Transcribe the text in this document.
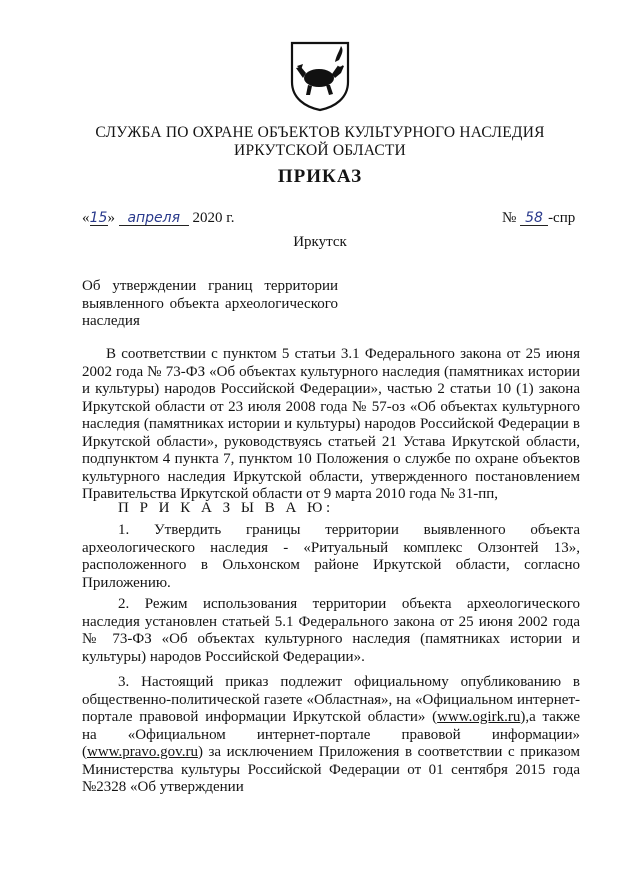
СЛУЖБА ПО ОХРАНЕ ОБЪЕКТОВ КУЛЬТУРНОГО НАСЛЕДИЯ
ИРКУТСКОЙ ОБЛАСТИ
ПРИКАЗ
«15» апреля 2020 г.	№ 58 -спр
Иркутск
Об утверждении границ территории выявленного объекта археологического наследия
В соответствии с пунктом 5 статьи 3.1 Федерального закона от 25 июня 2002 года № 73-ФЗ «Об объектах культурного наследия (памятниках истории и культуры) народов Российской Федерации», частью 2 статьи 10 (1) закона Иркутской области от 23 июля 2008 года № 57-оз «Об объектах культурного наследия (памятниках истории и культуры) народов Российской Федерации в Иркутской области», руководствуясь статьей 21 Устава Иркутской области, подпунктом 4 пункта 7, пунктом 10 Положения о службе по охране объектов культурного наследия Иркутской области, утвержденного постановлением Правительства Иркутской области от 9 марта 2010 года № 31-пп,
П Р И К А З Ы В А Ю:
1. Утвердить границы территории выявленного объекта археологического наследия - «Ритуальный комплекс Олзонтей 13», расположенного в Ольхонском районе Иркутской области, согласно Приложению.
2. Режим использования территории объекта археологического наследия установлен статьей 5.1 Федерального закона от 25 июня 2002 года № 73-ФЗ «Об объектах культурного наследия (памятниках истории и культуры) народов Российской Федерации».
3. Настоящий приказ подлежит официальному опубликованию в общественно-политической газете «Областная», на «Официальном интернет-портале правовой информации Иркутской области» (www.ogirk.ru),а также на «Официальном интернет-портале правовой информации» (www.pravo.gov.ru) за исключением Приложения в соответствии с приказом Министерства культуры Российской Федерации от 01 сентября 2015 года №2328 «Об утверждении
